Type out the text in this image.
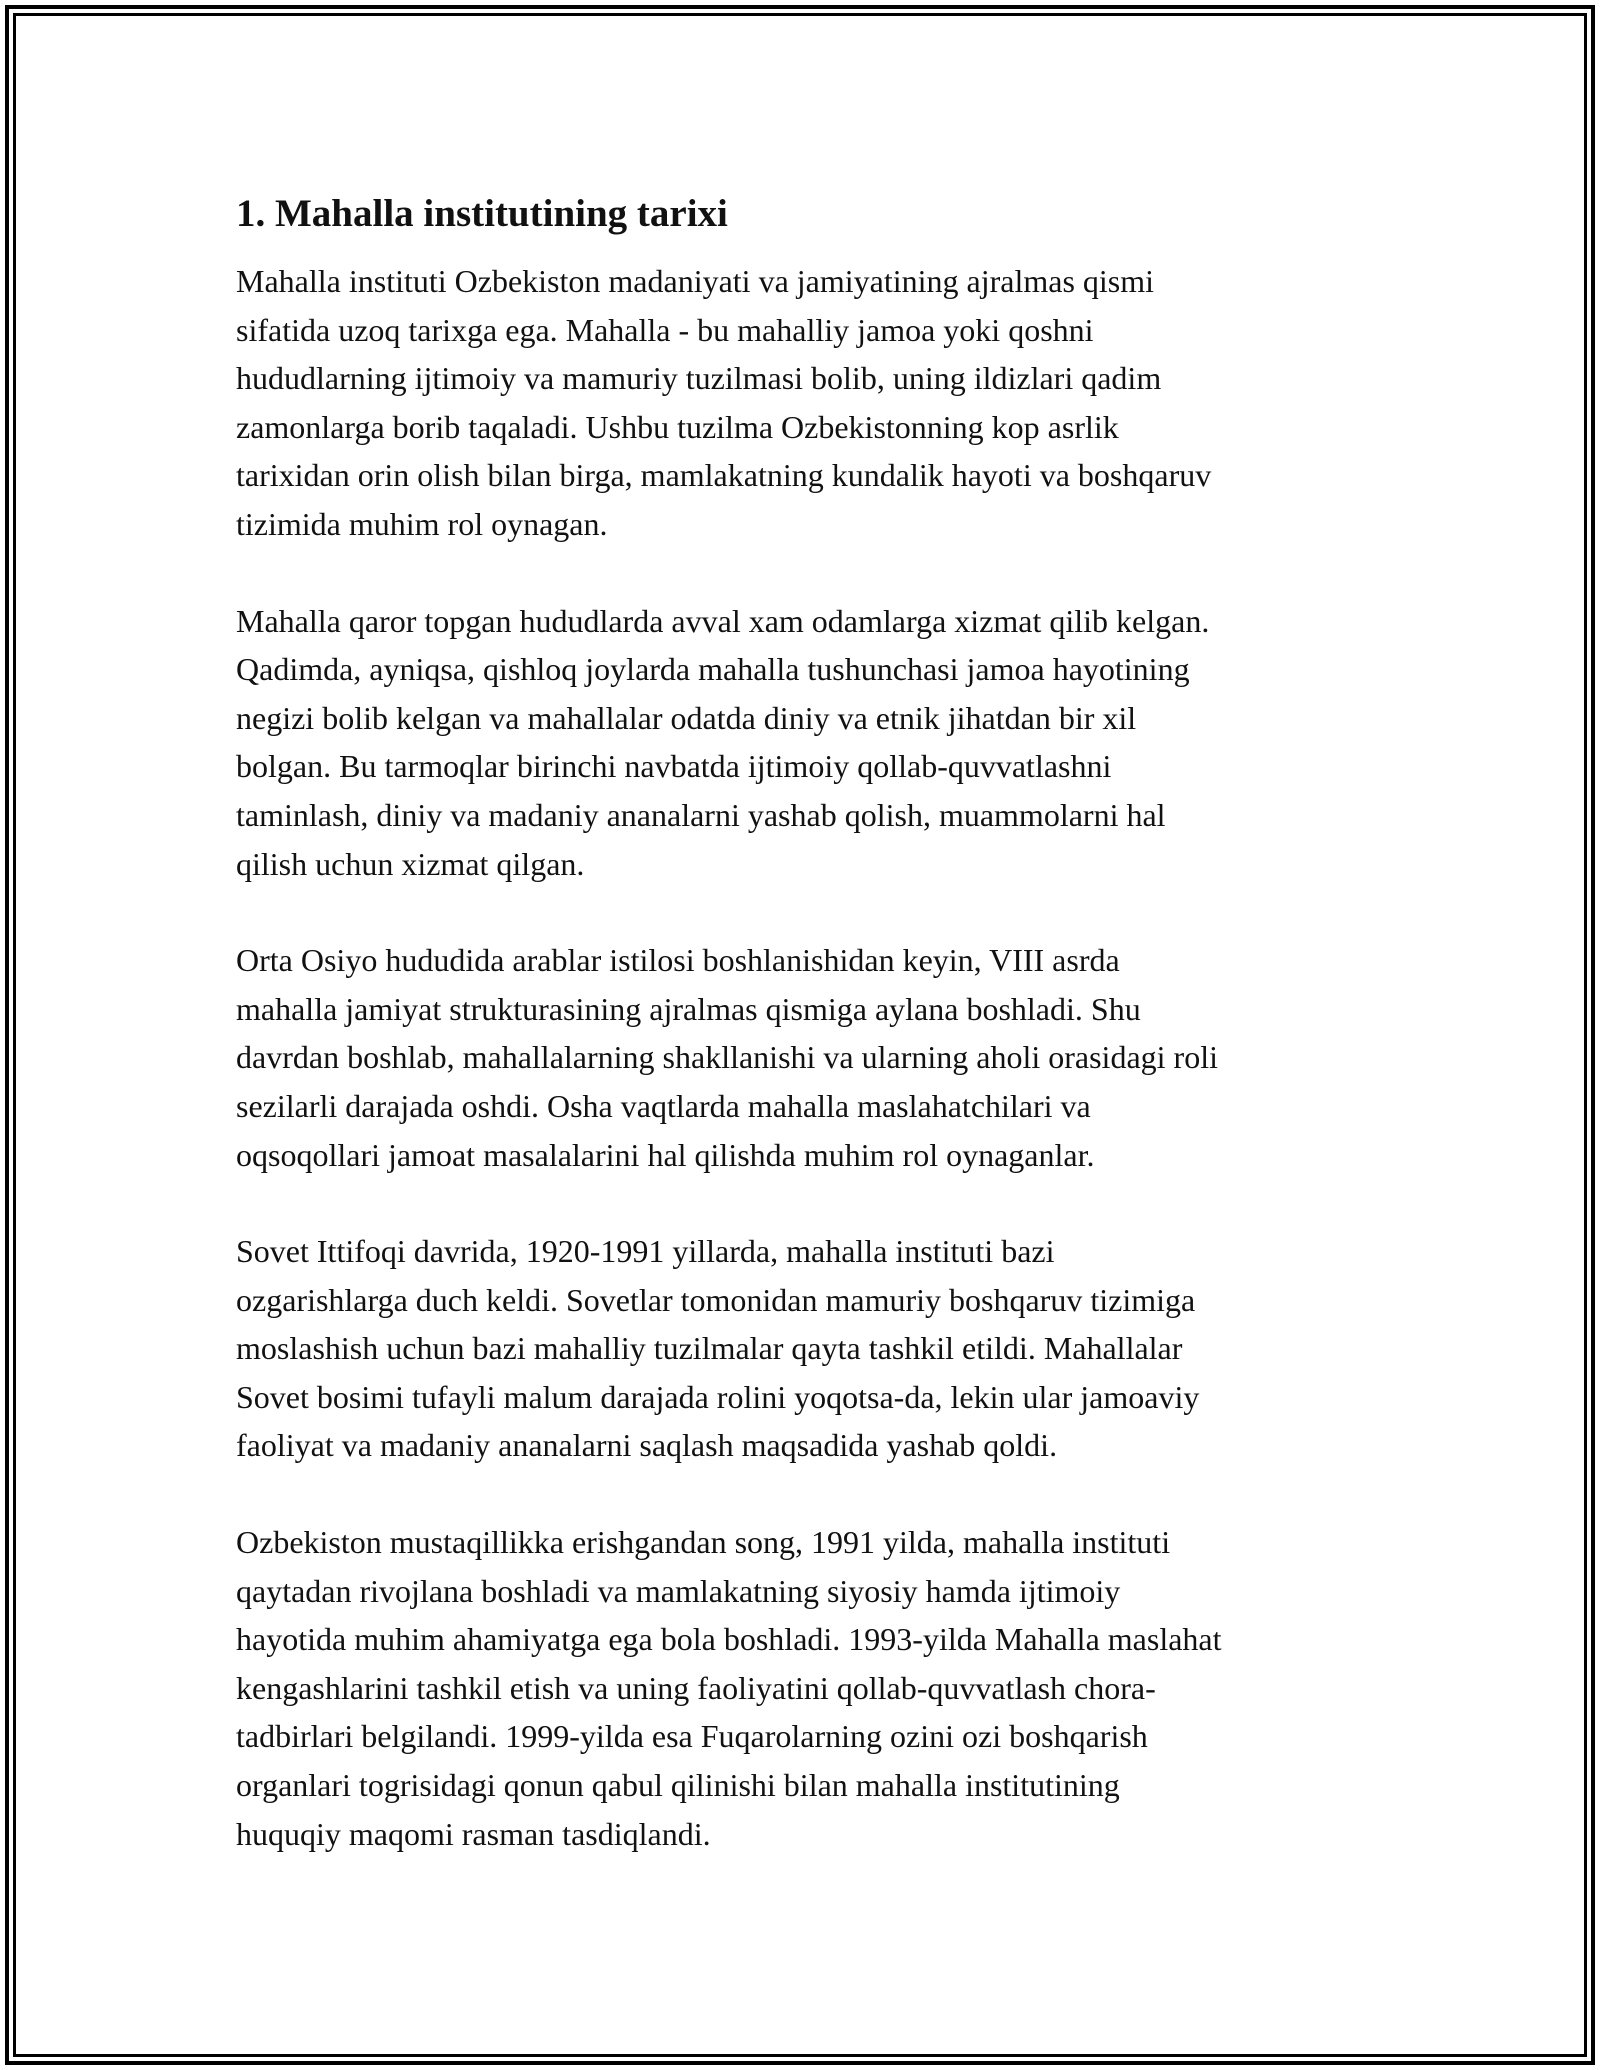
1. Mahalla institutining tarixi

Mahalla instituti Ozbekiston madaniyati va jamiyatining ajralmas qismi
sifatida uzoq tarixga ega. Mahalla - bu mahalliy jamoa yoki qoshni
hududlarning ijtimoiy va mamuriy tuzilmasi bolib, uning ildizlari qadim
zamonlarga borib taqaladi. Ushbu tuzilma Ozbekistonning kop asrlik
tarixidan orin olish bilan birga, mamlakatning kundalik hayoti va boshqaruv
tizimida muhim rol oynagan.

Mahalla qaror topgan hududlarda avval xam odamlarga xizmat qilib kelgan.
Qadimda, ayniqsa, qishloq joylarda mahalla tushunchasi jamoa hayotining
negizi bolib kelgan va mahallalar odatda diniy va etnik jihatdan bir xil
bolgan. Bu tarmoqlar birinchi navbatda ijtimoiy qollab-quvvatlashni
taminlash, diniy va madaniy ananalarni yashab qolish, muammolarni hal
qilish uchun xizmat qilgan.

Orta Osiyo hududida arablar istilosi boshlanishidan keyin, VIII asrda
mahalla jamiyat strukturasining ajralmas qismiga aylana boshladi. Shu
davrdan boshlab, mahallalarning shakllanishi va ularning aholi orasidagi roli
sezilarli darajada oshdi. Osha vaqtlarda mahalla maslahatchilari va
oqsoqollari jamoat masalalarini hal qilishda muhim rol oynaganlar.

Sovet Ittifoqi davrida, 1920-1991 yillarda, mahalla instituti bazi
ozgarishlarga duch keldi. Sovetlar tomonidan mamuriy boshqaruv tizimiga
moslashish uchun bazi mahalliy tuzilmalar qayta tashkil etildi. Mahallalar
Sovet bosimi tufayli malum darajada rolini yoqotsa-da, lekin ular jamoaviy
faoliyat va madaniy ananalarni saqlash maqsadida yashab qoldi.

Ozbekiston mustaqillikka erishgandan song, 1991 yilda, mahalla instituti
qaytadan rivojlana boshladi va mamlakatning siyosiy hamda ijtimoiy
hayotida muhim ahamiyatga ega bola boshladi. 1993-yilda Mahalla maslahat
kengashlarini tashkil etish va uning faoliyatini qollab-quvvatlash chora-
tadbirlari belgilandi. 1999-yilda esa Fuqarolarning ozini ozi boshqarish
organlari togrisidagi qonun qabul qilinishi bilan mahalla institutining
huquqiy maqomi rasman tasdiqlandi.
